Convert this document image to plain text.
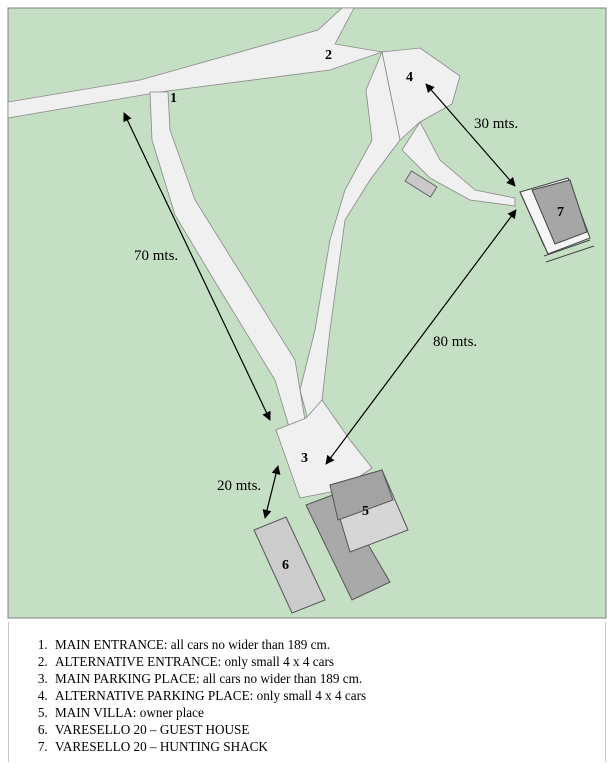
70 mts.
30 mts.
80 mts.
20 mts.
1
2
3
4
5
6
7
1. MAIN ENTRANCE: all cars no wider than 189 cm.
2. ALTERNATIVE ENTRANCE: only small 4 x 4 cars
3. MAIN PARKING PLACE: all cars no wider than 189 cm.
4. ALTERNATIVE PARKING PLACE: only small 4 x 4 cars
5. MAIN VILLA: owner place
6. VARESELLO 20 – GUEST HOUSE
7. VARESELLO 20 – HUNTING SHACK
